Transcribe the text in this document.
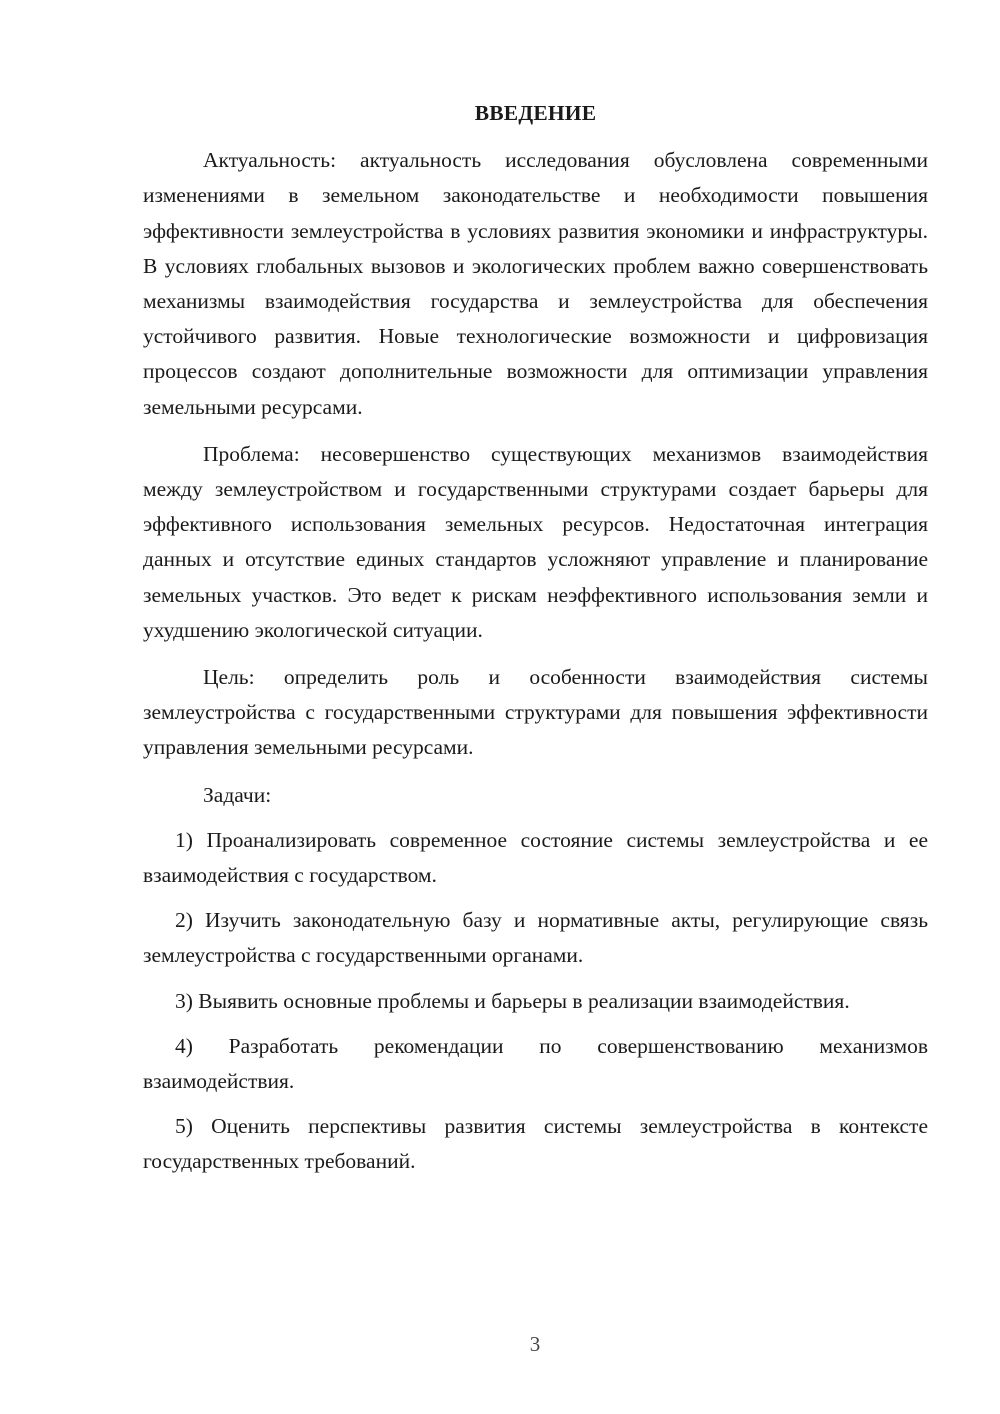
ВВЕДЕНИЕ

Актуальность: актуальность исследования обусловлена современными изменениями в земельном законодательстве и необходимости повышения эффективности землеустройства в условиях развития экономики и инфраструктуры. В условиях глобальных вызовов и экологических проблем важно совершенствовать механизмы взаимодействия государства и землеустройства для обеспечения устойчивого развития. Новые технологические возможности и цифровизация процессов создают дополнительные возможности для оптимизации управления земельными ресурсами.

Проблема: несовершенство существующих механизмов взаимодействия между землеустройством и государственными структурами создает барьеры для эффективного использования земельных ресурсов. Недостаточная интеграция данных и отсутствие единых стандартов усложняют управление и планирование земельных участков. Это ведет к рискам неэффективного использования земли и ухудшению экологической ситуации.

Цель: определить роль и особенности взаимодействия системы землеустройства с государственными структурами для повышения эффективности управления земельными ресурсами.

Задачи:

1) Проанализировать современное состояние системы землеустройства и ее взаимодействия с государством.

2) Изучить законодательную базу и нормативные акты, регулирующие связь землеустройства с государственными органами.

3) Выявить основные проблемы и барьеры в реализации взаимодействия.

4) Разработать рекомендации по совершенствованию механизмов взаимодействия.

5) Оценить перспективы развития системы землеустройства в контексте государственных требований.

3
